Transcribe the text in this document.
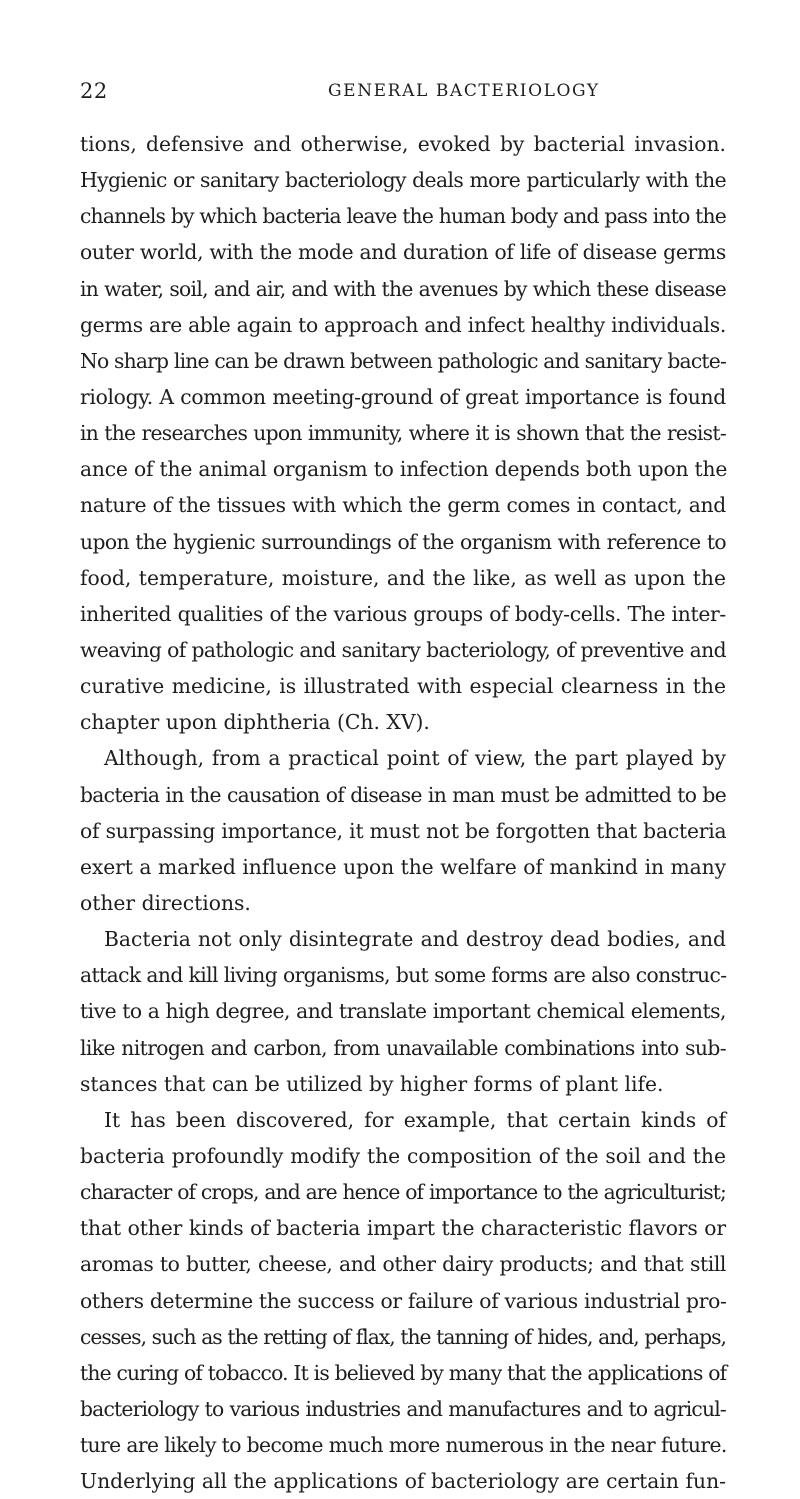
22	GENERAL BACTERIOLOGY
tions, defensive and otherwise, evoked by bacterial invasion.
Hygienic or sanitary bacteriology deals more particularly with the
channels by which bacteria leave the human body and pass into the
outer world, with the mode and duration of life of disease germs
in water, soil, and air, and with the avenues by which these disease
germs are able again to approach and infect healthy individuals.
No sharp line can be drawn between pathologic and sanitary bacte-
riology. A common meeting-ground of great importance is found
in the researches upon immunity, where it is shown that the resist-
ance of the animal organism to infection depends both upon the
nature of the tissues with which the germ comes in contact, and
upon the hygienic surroundings of the organism with reference to
food, temperature, moisture, and the like, as well as upon the
inherited qualities of the various groups of body-cells. The inter-
weaving of pathologic and sanitary bacteriology, of preventive and
curative medicine, is illustrated with especial clearness in the
chapter upon diphtheria (Ch. XV).
Although, from a practical point of view, the part played by
bacteria in the causation of disease in man must be admitted to be
of surpassing importance, it must not be forgotten that bacteria
exert a marked influence upon the welfare of mankind in many
other directions.
Bacteria not only disintegrate and destroy dead bodies, and
attack and kill living organisms, but some forms are also construc-
tive to a high degree, and translate important chemical elements,
like nitrogen and carbon, from unavailable combinations into sub-
stances that can be utilized by higher forms of plant life.
It has been discovered, for example, that certain kinds of
bacteria profoundly modify the composition of the soil and the
character of crops, and are hence of importance to the agriculturist;
that other kinds of bacteria impart the characteristic flavors or
aromas to butter, cheese, and other dairy products; and that still
others determine the success or failure of various industrial pro-
cesses, such as the retting of flax, the tanning of hides, and, perhaps,
the curing of tobacco. It is believed by many that the applications of
bacteriology to various industries and manufactures and to agricul-
ture are likely to become much more numerous in the near future.
Underlying all the applications of bacteriology are certain fun-
